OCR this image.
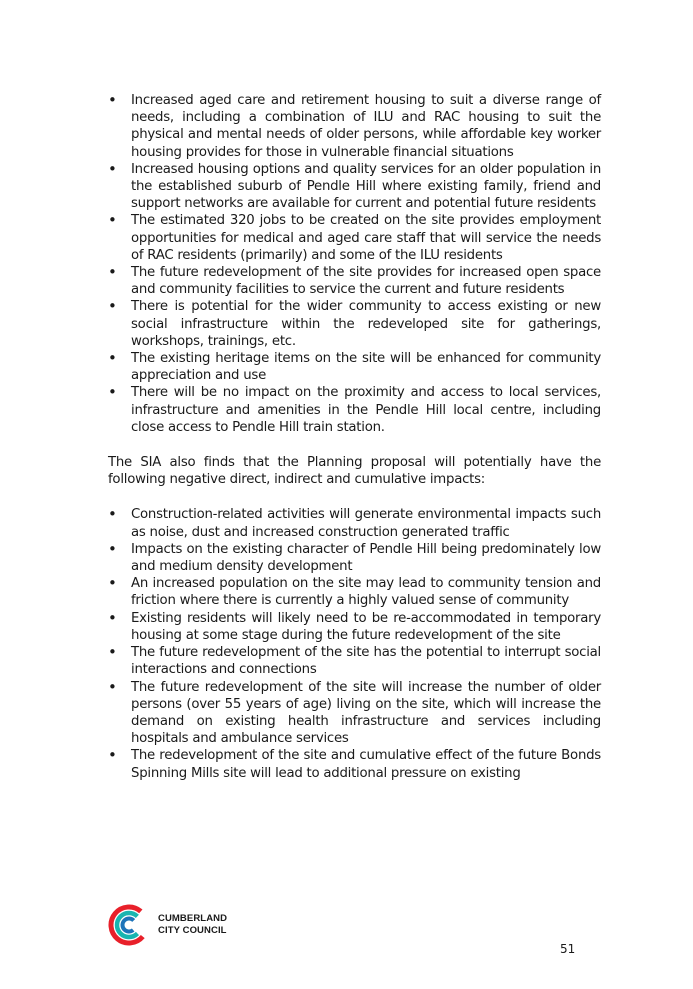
• Increased aged care and retirement housing to suit a diverse range of needs, including a combination of ILU and RAC housing to suit the physical and mental needs of older persons, while affordable key worker housing provides for those in vulnerable financial situations
• Increased housing options and quality services for an older population in the established suburb of Pendle Hill where existing family, friend and support networks are available for current and potential future residents
• The estimated 320 jobs to be created on the site provides employment opportunities for medical and aged care staff that will service the needs of RAC residents (primarily) and some of the ILU residents
• The future redevelopment of the site provides for increased open space and community facilities to service the current and future residents
• There is potential for the wider community to access existing or new social infrastructure within the redeveloped site for gatherings, workshops, trainings, etc.
• The existing heritage items on the site will be enhanced for community appreciation and use
• There will be no impact on the proximity and access to local services, infrastructure and amenities in the Pendle Hill local centre, including close access to Pendle Hill train station.

The SIA also finds that the Planning proposal will potentially have the following negative direct, indirect and cumulative impacts:

• Construction-related activities will generate environmental impacts such as noise, dust and increased construction generated traffic
• Impacts on the existing character of Pendle Hill being predominately low and medium density development
• An increased population on the site may lead to community tension and friction where there is currently a highly valued sense of community
• Existing residents will likely need to be re-accommodated in temporary housing at some stage during the future redevelopment of the site
• The future redevelopment of the site has the potential to interrupt social interactions and connections
• The future redevelopment of the site will increase the number of older persons (over 55 years of age) living on the site, which will increase the demand on existing health infrastructure and services including hospitals and ambulance services
• The redevelopment of the site and cumulative effect of the future Bonds Spinning Mills site will lead to additional pressure on existing
CUMBERLAND
CITY COUNCIL
51
